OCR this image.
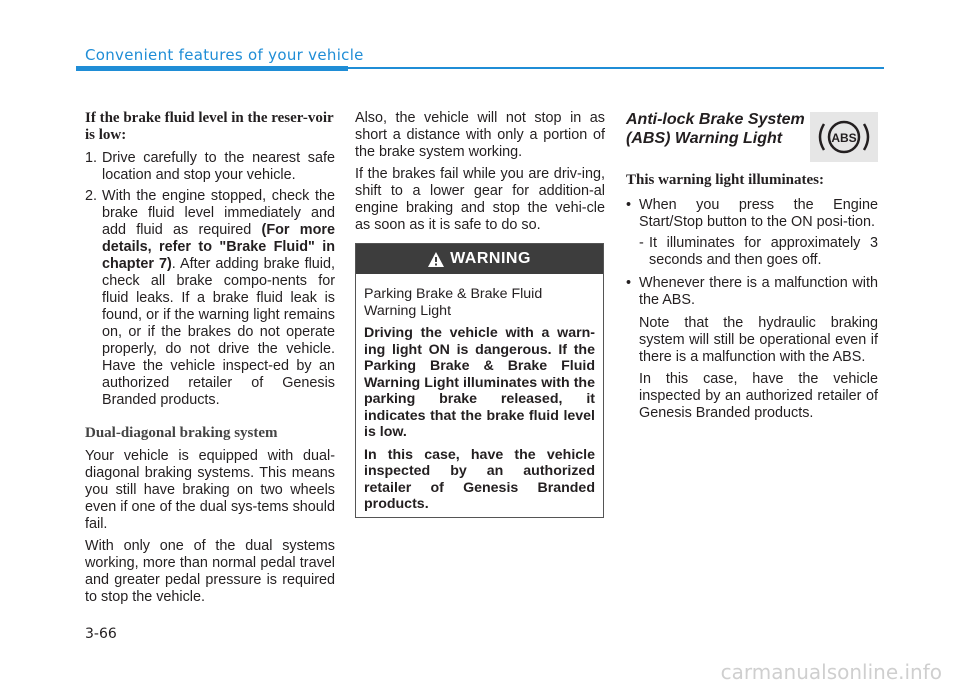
Convenient features of your vehicle
If the brake fluid level in the reser-voir is low:
1. Drive carefully to the nearest safe location and stop your vehicle.
2. With the engine stopped, check the brake fluid level immediately and add fluid as required (For more details, refer to "Brake Fluid" in chapter 7). After adding brake fluid, check all brake compo-nents for fluid leaks. If a brake fluid leak is found, or if the warning light remains on, or if the brakes do not operate properly, do not drive the vehicle. Have the vehicle inspect-ed by an authorized retailer of Genesis Branded products.
Dual-diagonal braking system

Your vehicle is equipped with dual-diagonal braking systems. This means you still have braking on two wheels even if one of the dual sys-tems should fail.

With only one of the dual systems working, more than normal pedal travel and greater pedal pressure is required to stop the vehicle.

Also, the vehicle will not stop in as short a distance with only a portion of the brake system working.

If the brakes fail while you are driv-ing, shift to a lower gear for addition-al engine braking and stop the vehi-cle as soon as it is safe to do so.

WARNING

Parking Brake & Brake Fluid Warning Light

Driving the vehicle with a warn-ing light ON is dangerous. If the Parking Brake & Brake Fluid Warning Light illuminates with the parking brake released, it indicates that the brake fluid level is low.

In this case, have the vehicle inspected by an authorized retailer of Genesis Branded products.

Anti-lock Brake System (ABS) Warning Light
This warning light illuminates:
• When you press the Engine Start/Stop button to the ON posi-tion.
- It illuminates for approximately 3 seconds and then goes off.
• Whenever there is a malfunction with the ABS.

Note that the hydraulic braking system will still be operational even if there is a malfunction with the ABS.

In this case, have the vehicle inspected by an authorized retailer of Genesis Branded products.

ABS
3-66
carmanualsonline.info
